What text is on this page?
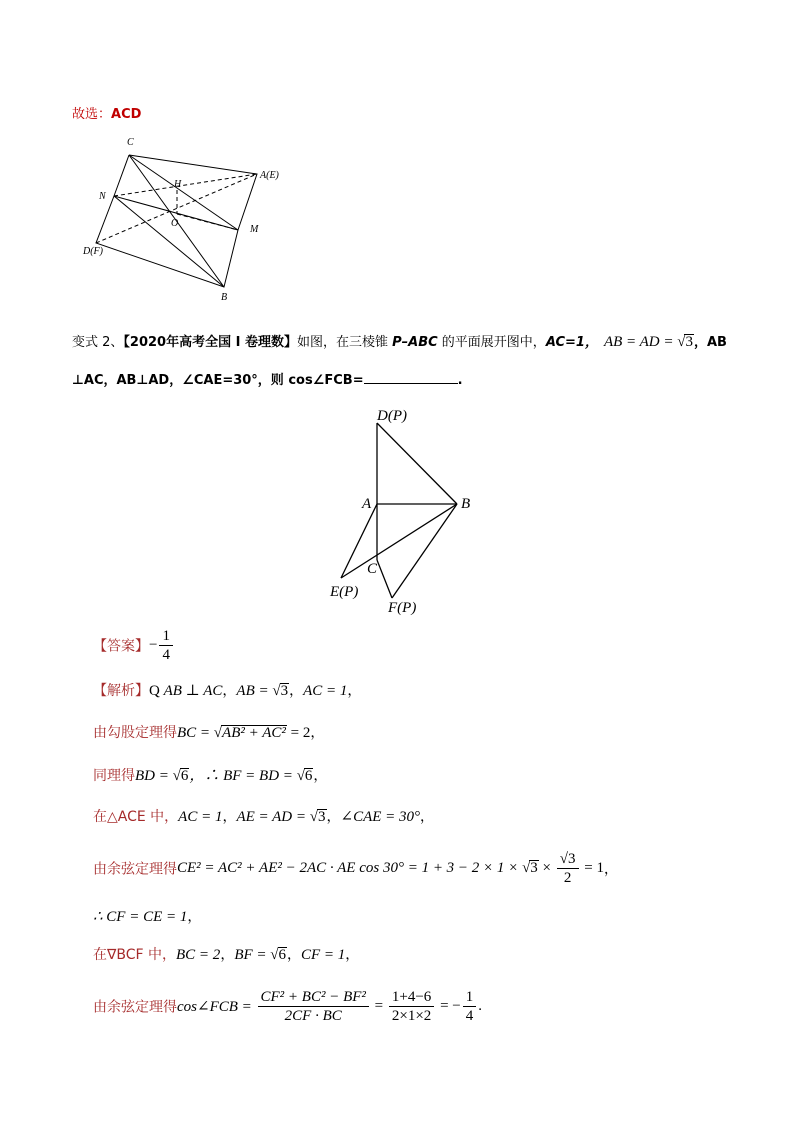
故选：ACD
C
A(E)
H
N
O
M
D(F)
B
变式 2、【2020年高考全国 I 卷理数】如图，在三棱锥 P–ABC 的平面展开图中，AC=1， AB = AD = √3，AB
⊥AC，AB⊥AD，∠CAE=30°，则 cos∠FCB=	.
D(P)
A	B
C
E(P)
F(P)
【答案】− $\frac{1}{4}$
【解析】Q AB ⊥ AC，AB = √3，AC = 1，
由勾股定理得BC = √AB² + AC² = 2，
同理得BD = √6，∴ BF = BD = √6，
在△ACE 中，AC = 1，AE = AD = √3，∠CAE = 30°，
由余弦定理得CE² = AC² + AE² − 2AC · AE $\cos 30^\circ = 1 + 3 - 2 \times 1 \times √3 \times \frac{√3}{2} = 1$，
∴ CF = CE = 1，
在∇BCF 中，BC = 2，BF = √6，CF = 1，
由余弦定理得cos∠FCB = $\frac{\text{CF² + BC² − BF²}}{2CF \cdot BC} = \frac{1+4-6}{2\times 1\times 2}$ = − $\frac{1}{4}$ .
